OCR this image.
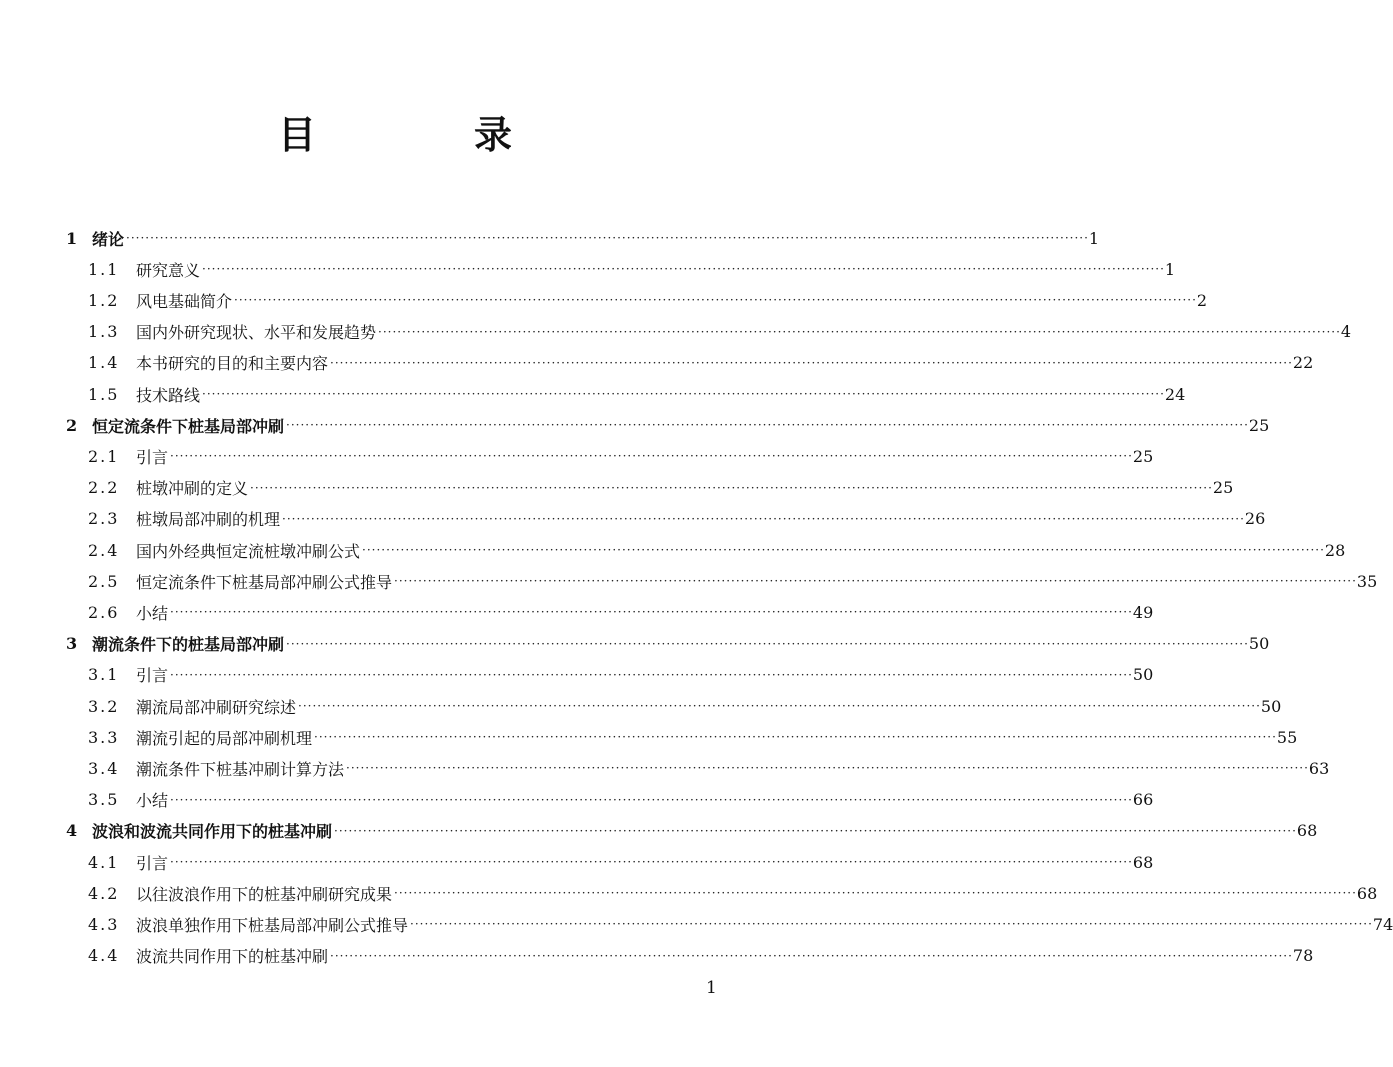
目　录
1 绪论 ········································································································································································································ 1
1.1 研究意义 ········································································································································································································ 1
1.2 风电基础简介 ········································································································································································································ 2
1.3 国内外研究现状、水平和发展趋势 ········································································································································································································ 4
1.4 本书研究的目的和主要内容 ········································································································································································································ 22
1.5 技术路线 ········································································································································································································ 24
2 恒定流条件下桩基局部冲刷 ········································································································································································································ 25
2.1 引言 ········································································································································································································ 25
2.2 桩墩冲刷的定义 ········································································································································································································ 25
2.3 桩墩局部冲刷的机理 ········································································································································································································ 26
2.4 国内外经典恒定流桩墩冲刷公式 ········································································································································································································ 28
2.5 恒定流条件下桩基局部冲刷公式推导 ········································································································································································································ 35
2.6 小结 ········································································································································································································ 49
3 潮流条件下的桩基局部冲刷 ········································································································································································································ 50
3.1 引言 ········································································································································································································ 50
3.2 潮流局部冲刷研究综述 ········································································································································································································ 50
3.3 潮流引起的局部冲刷机理 ········································································································································································································ 55
3.4 潮流条件下桩基冲刷计算方法 ········································································································································································································ 63
3.5 小结 ········································································································································································································ 66
4 波浪和波流共同作用下的桩基冲刷 ········································································································································································································ 68
4.1 引言 ········································································································································································································ 68
4.2 以往波浪作用下的桩基冲刷研究成果 ········································································································································································································ 68
4.3 波浪单独作用下桩基局部冲刷公式推导 ········································································································································································································ 74
4.4 波流共同作用下的桩基冲刷 ········································································································································································································ 78
1
